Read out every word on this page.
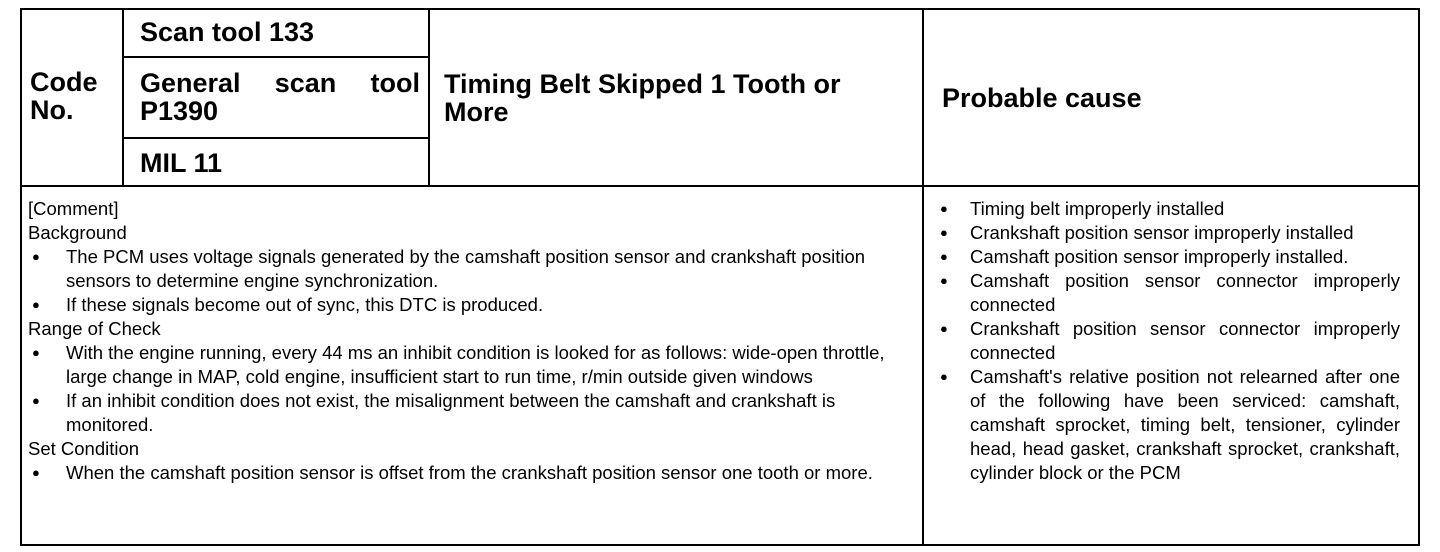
Code No.
Scan tool 133
General scan tool P1390
MIL 11
Timing Belt Skipped 1 Tooth or More	Probable cause
[Comment]
Background
● The PCM uses voltage signals generated by the camshaft position sensor and crankshaft position sensors to determine engine synchronization.
● If these signals become out of sync, this DTC is produced.
Range of Check
● With the engine running, every 44 ms an inhibit condition is looked for as follows: wide-open throttle, large change in MAP, cold engine, insufficient start to run time, r/min outside given windows
● If an inhibit condition does not exist, the misalignment between the camshaft and crankshaft is monitored.
Set Condition
● When the camshaft position sensor is offset from the crankshaft position sensor one tooth or more.
● Timing belt improperly installed
● Crankshaft position sensor improperly installed
● Camshaft position sensor improperly installed.
● Camshaft position sensor connector improperly connected
● Crankshaft position sensor connector improperly connected
● Camshaft's relative position not relearned after one of the following have been serviced: camshaft, camshaft sprocket, timing belt, tensioner, cylinder head, head gasket, crankshaft sprocket, crankshaft, cylinder block or the PCM
